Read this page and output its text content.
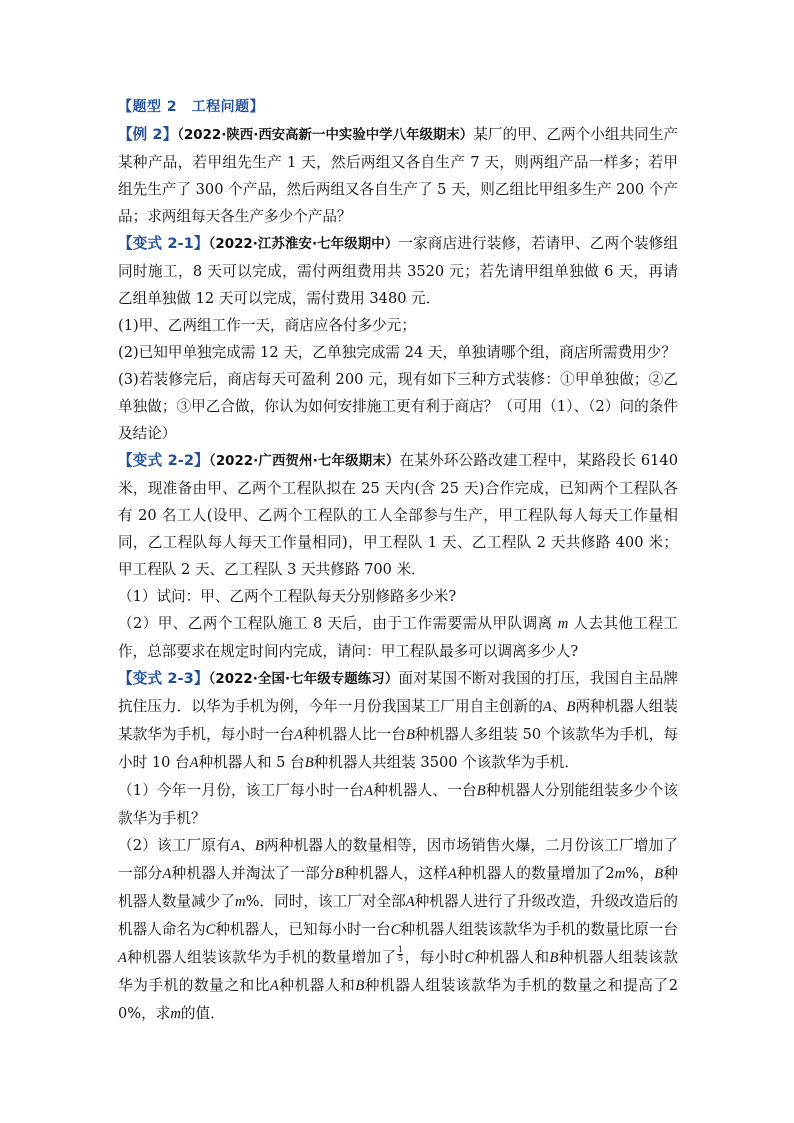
【题型 2　工程问题】

【例 2】（2022·陕西·西安高新一中实验中学八年级期末）某厂的甲、乙两个小组共同生产某种产品，若甲组先生产 1 天，然后两组又各自生产 7 天，则两组产品一样多；若甲组先生产了 300 个产品，然后两组又各自生产了 5 天，则乙组比甲组多生产 200 个产品；求两组每天各生产多少个产品？

【变式 2-1】（2022·江苏淮安·七年级期中）一家商店进行装修，若请甲、乙两个装修组同时施工，8 天可以完成，需付两组费用共 3520 元；若先请甲组单独做 6 天，再请乙组单独做 12 天可以完成，需付费用 3480 元．

(1)甲、乙两组工作一天，商店应各付多少元；

(2)已知甲单独完成需 12 天，乙单独完成需 24 天，单独请哪个组，商店所需费用少？

(3)若装修完后，商店每天可盈利 200 元，现有如下三种方式装修：①甲单独做；②乙单独做；③甲乙合做，你认为如何安排施工更有利于商店？（可用（1）、（2）问的条件及结论）

【变式 2-2】（2022·广西贺州·七年级期末）在某外环公路改建工程中，某路段长 6140 米，现准备由甲、乙两个工程队拟在 25 天内(含 25 天)合作完成，已知两个工程队各有 20 名工人(设甲、乙两个工程队的工人全部参与生产，甲工程队每人每天工作量相同，乙工程队每人每天工作量相同)，甲工程队 1 天、乙工程队 2 天共修路 400 米；甲工程队 2 天、乙工程队 3 天共修路 700 米．

（1）试问：甲、乙两个工程队每天分别修路多少米?

（2）甲、乙两个工程队施工 8 天后，由于工作需要需从甲队调离 m 人去其他工程工作，总部要求在规定时间内完成，请问：甲工程队最多可以调离多少人?

【变式 2-3】（2022·全国·七年级专题练习）面对某国不断对我国的打压，我国自主品牌抗住压力．以华为手机为例，今年一月份我国某工厂用自主创新的A、B两种机器人组装某款华为手机，每小时一台A种机器人比一台B种机器人多组装 50 个该款华为手机，每小时 10 台A种机器人和 5 台B种机器人共组装 3500 个该款华为手机．

（1）今年一月份，该工厂每小时一台A种机器人、一台B种机器人分别能组装多少个该款华为手机？

（2）该工厂原有A、B两种机器人的数量相等，因市场销售火爆，二月份该工厂增加了一部分A种机器人并淘汰了一部分B种机器人，这样A种机器人的数量增加了2m%，B种机器人数量减少了m%．同时，该工厂对全部A种机器人进行了升级改造，升级改造后的机器人命名为C种机器人，已知每小时一台C种机器人组装该款华为手机的数量比原一台A种机器人组装该款华为手机的数量增加了 $\frac{1}{5}$ ，每小时C种机器人和B种机器人组装该款华为手机的数量之和比A种机器人和B种机器人组装该款华为手机的数量之和提高了20%，求m的值．
